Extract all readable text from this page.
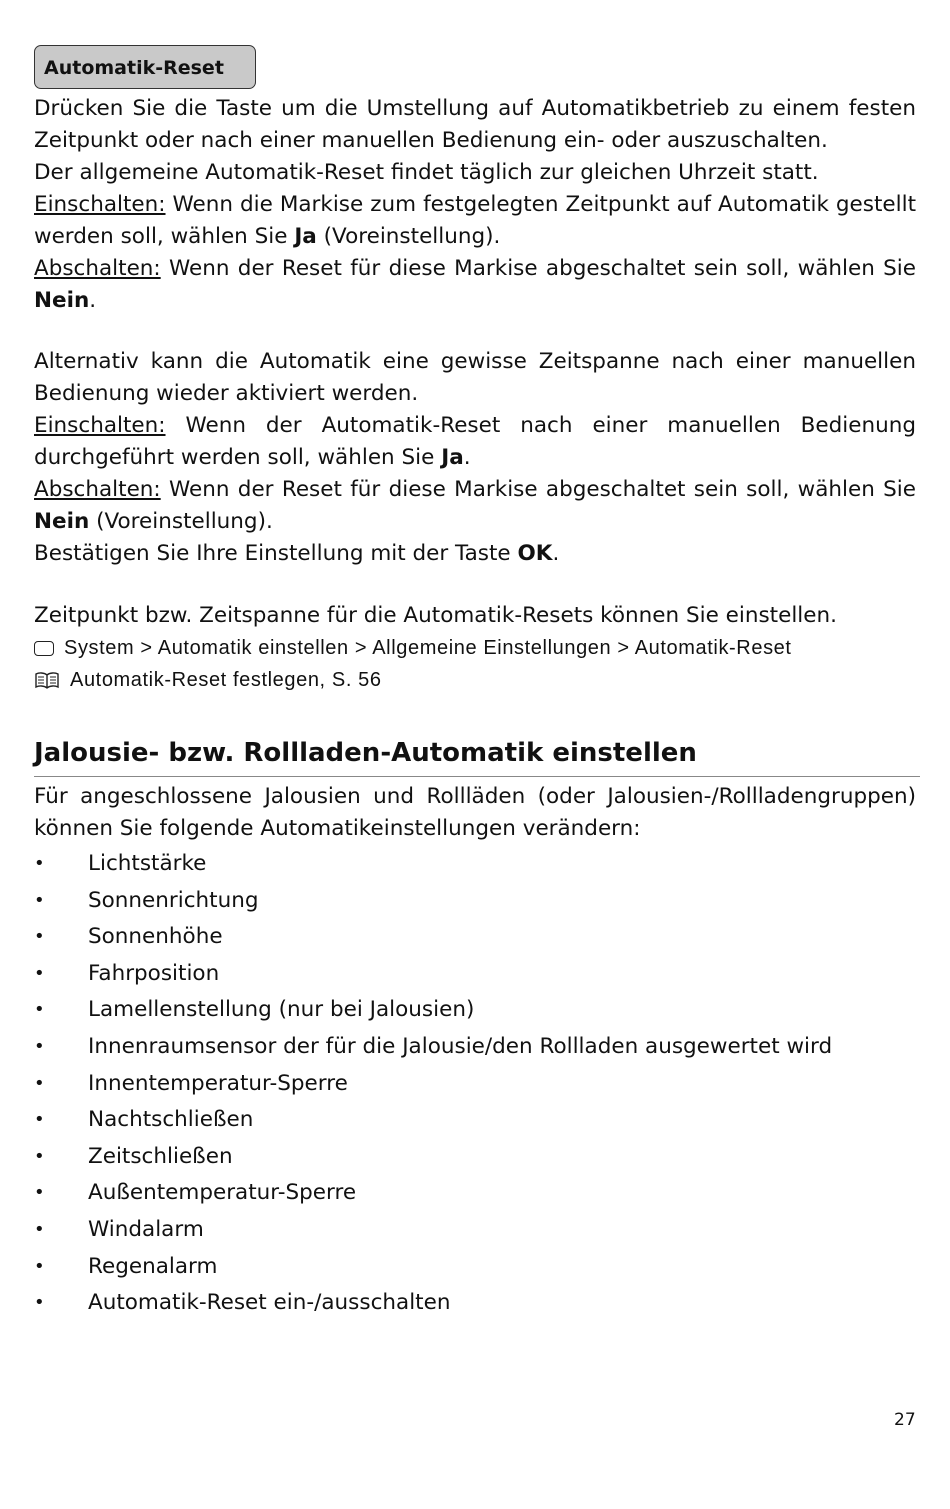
Automatik-Reset

Drücken Sie die Taste um die Umstellung auf Automatikbetrieb zu einem festen Zeitpunkt oder nach einer manuellen Bedienung ein- oder auszuschalten.

Der allgemeine Automatik-Reset findet täglich zur gleichen Uhrzeit statt.

Einschalten: Wenn die Markise zum festgelegten Zeitpunkt auf Automatik gestellt werden soll, wählen Sie Ja (Voreinstellung).

Abschalten: Wenn der Reset für diese Markise abgeschaltet sein soll, wählen Sie Nein.

Alternativ kann die Automatik eine gewisse Zeitspanne nach einer manuellen Bedienung wieder aktiviert werden.

Einschalten: Wenn der Automatik-Reset nach einer manuellen Bedienung durchgeführt werden soll, wählen Sie Ja.

Abschalten: Wenn der Reset für diese Markise abgeschaltet sein soll, wählen Sie Nein (Voreinstellung).

Bestätigen Sie Ihre Einstellung mit der Taste OK.

Zeitpunkt bzw. Zeitspanne für die Automatik-Resets können Sie einstellen.

System > Automatik einstellen > Allgemeine Einstellungen > Automatik-Reset
Automatik-Reset festlegen, S. 56
Jalousie- bzw. Rollladen-Automatik einstellen

Für angeschlossene Jalousien und Rollläden (oder Jalousien-/Rollladengruppen) können Sie folgende Automatikeinstellungen verändern:

•	Lichtstärke
•	Sonnenrichtung
•	Sonnenhöhe
•	Fahrposition
•	Lamellenstellung (nur bei Jalousien)
•	Innenraumsensor der für die Jalousie/den Rollladen ausgewertet wird
•	Innentemperatur-Sperre
•	Nachtschließen
•	Zeitschließen
•	Außentemperatur-Sperre
•	Windalarm
•	Regenalarm
•	Automatik-Reset ein-/ausschalten
27
